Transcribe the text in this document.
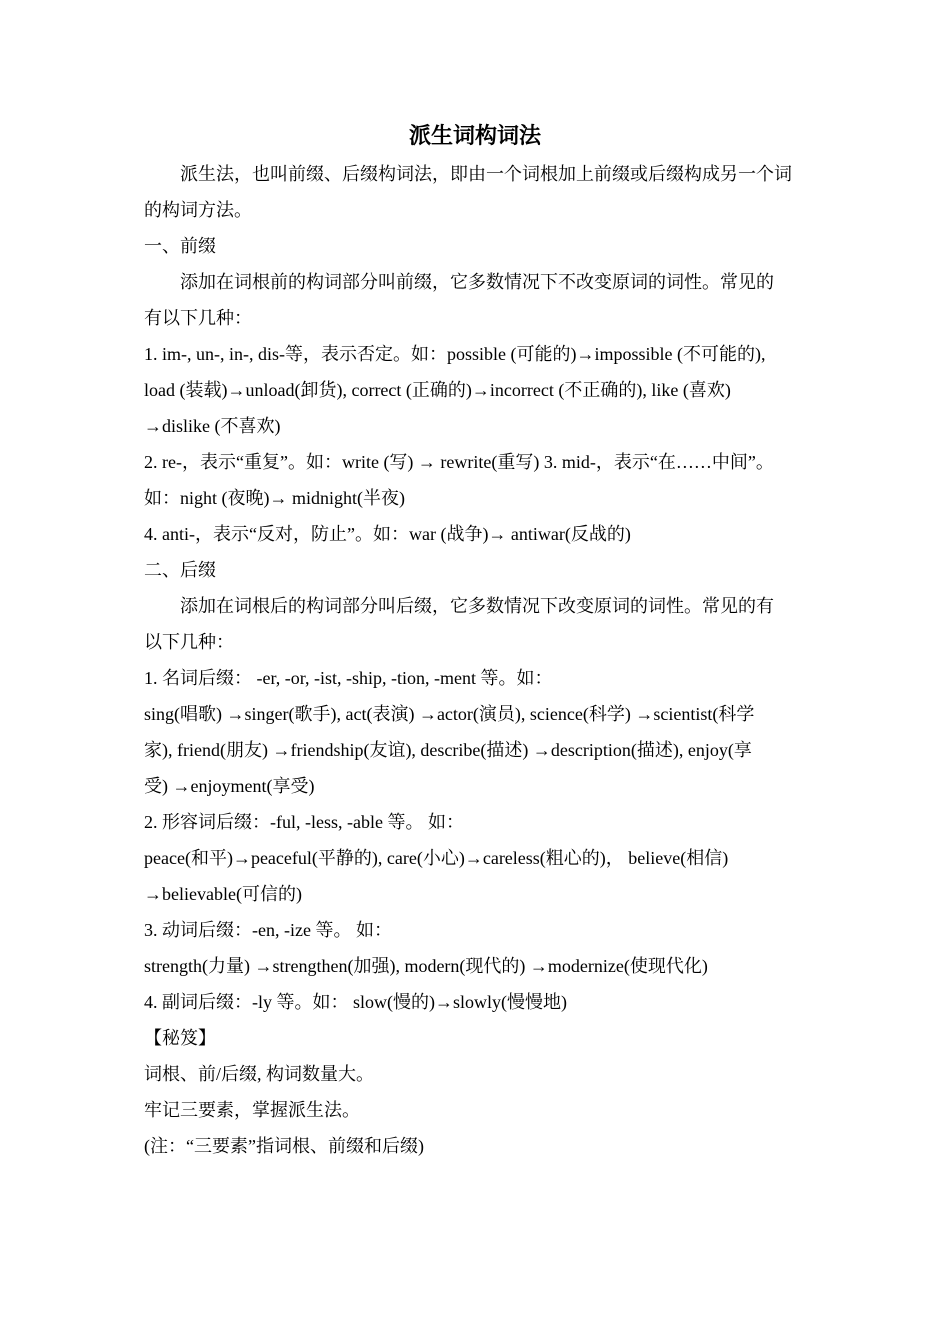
派生词构词法
派生法，也叫前缀、后缀构词法，即由一个词根加上前缀或后缀构成另一个词
的构词方法。
一、前缀
添加在词根前的构词部分叫前缀，它多数情况下不改变原词的词性。常见的
有以下几种：
1. im-, un-, in-, dis-等，表示否定。如：possible (可能的)→impossible (不可能的),
load (装载)→unload(卸货), correct (正确的)→incorrect (不正确的), like (喜欢)
→dislike (不喜欢)
2. re-，表示“重复”。如：write (写) → rewrite(重写) 3. mid-，表示“在……中间”。
如：night (夜晚)→ midnight(半夜)
4. anti-，表示“反对，防止”。如：war (战争)→ antiwar(反战的)
二、后缀
添加在词根后的构词部分叫后缀，它多数情况下改变原词的词性。常见的有
以下几种：
1. 名词后缀： -er, -or, -ist, -ship, -tion, -ment 等。如：
sing(唱歌) →singer(歌手), act(表演) →actor(演员), science(科学) →scientist(科学
家), friend(朋友) →friendship(友谊), describe(描述) →description(描述), enjoy(享
受) →enjoyment(享受)
2. 形容词后缀：-ful, -less, -able 等。 如：
peace(和平)→peaceful(平静的), care(小心)→careless(粗心的)， believe(相信)
→believable(可信的)
3. 动词后缀：-en, -ize 等。 如：
strength(力量) →strengthen(加强), modern(现代的) →modernize(使现代化)
4. 副词后缀：-ly 等。如： slow(慢的)→slowly(慢慢地)
【秘笈】
词根、前/后缀, 构词数量大。
牢记三要素，掌握派生法。
(注：“三要素”指词根、前缀和后缀)
